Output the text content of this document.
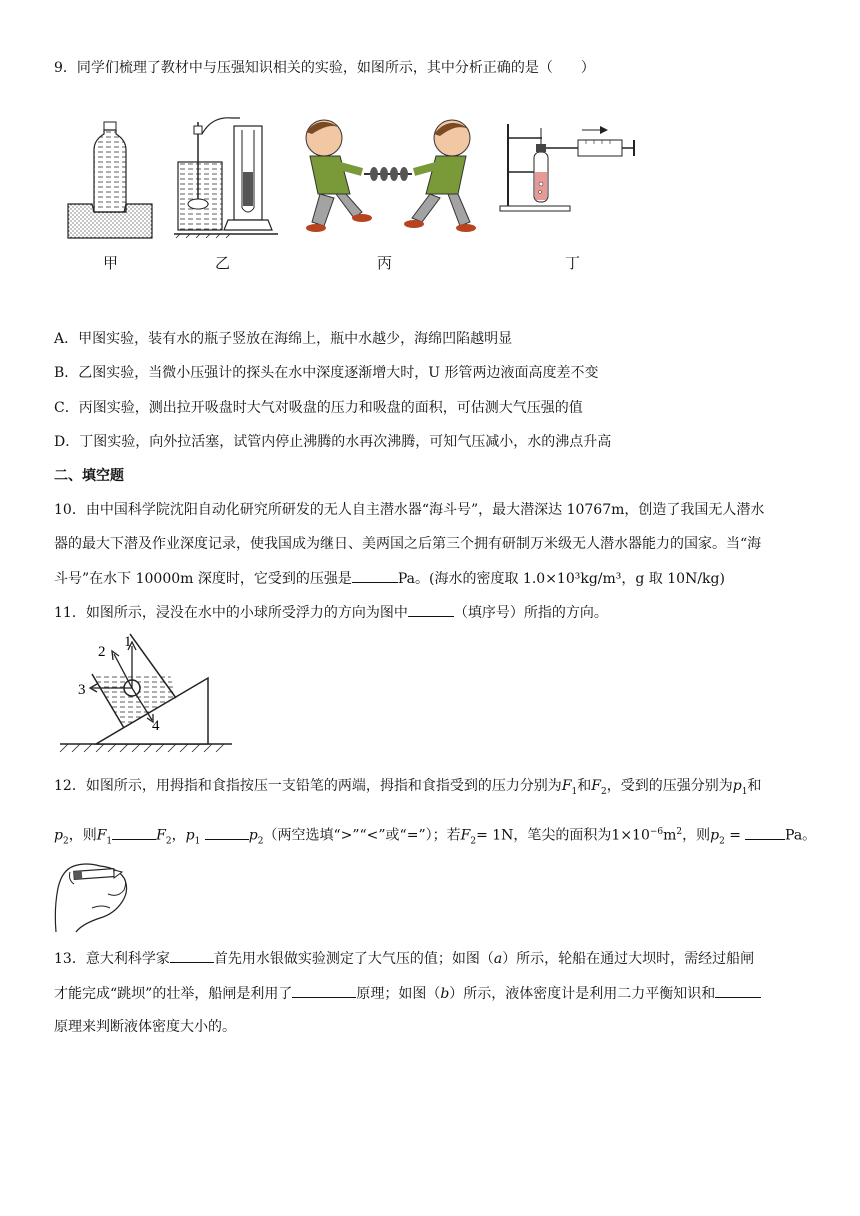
9．同学们梳理了教材中与压强知识相关的实验，如图所示，其中分析正确的是（　　）
甲	乙	丙	丁
A．甲图实验，装有水的瓶子竖放在海绵上，瓶中水越少，海绵凹陷越明显
B．乙图实验，当微小压强计的探头在水中深度逐渐增大时，U 形管两边液面高度差不变
C．丙图实验，测出拉开吸盘时大气对吸盘的压力和吸盘的面积，可估测大气压强的值
D．丁图实验，向外拉活塞，试管内停止沸腾的水再次沸腾，可知气压减小，水的沸点升高
二、填空题
10．由中国科学院沈阳自动化研究所研发的无人自主潜水器“海斗号”，最大潜深达 10767m，创造了我国无人潜水
器的最大下潜及作业深度记录，使我国成为继日、美两国之后第三个拥有研制万米级无人潜水器能力的国家。当“海
斗号”在水下 10000m 深度时，它受到的压强是	Pa。(海水的密度取 1.0×10³kg/m³，g 取 10N/kg)
11．如图所示，浸没在水中的小球所受浮力的方向为图中	（填序号）所指的方向。
1
2
3
4
12．如图所示，用拇指和食指按压一支铅笔的两端，拇指和食指受到的压力分别为$F_1$和$F_2$，受到的压强分别为$p_1$和
$p_2$，则$F_1$	$F_2$，$p_1$	$p_2$（两空选填“>”“<”或“=”）；若$F_2= 1N$，笔尖的面积为$1\times 10^{-6}m^2$，则$p_2$ =	Pa。
13．意大利科学家	首先用水银做实验测定了大气压的值；如图（a）所示，轮船在通过大坝时，需经过船闸
才能完成“跳坝”的壮举，船闸是利用了	原理；如图（b）所示，液体密度计是利用二力平衡知识和
原理来判断液体密度大小的。
